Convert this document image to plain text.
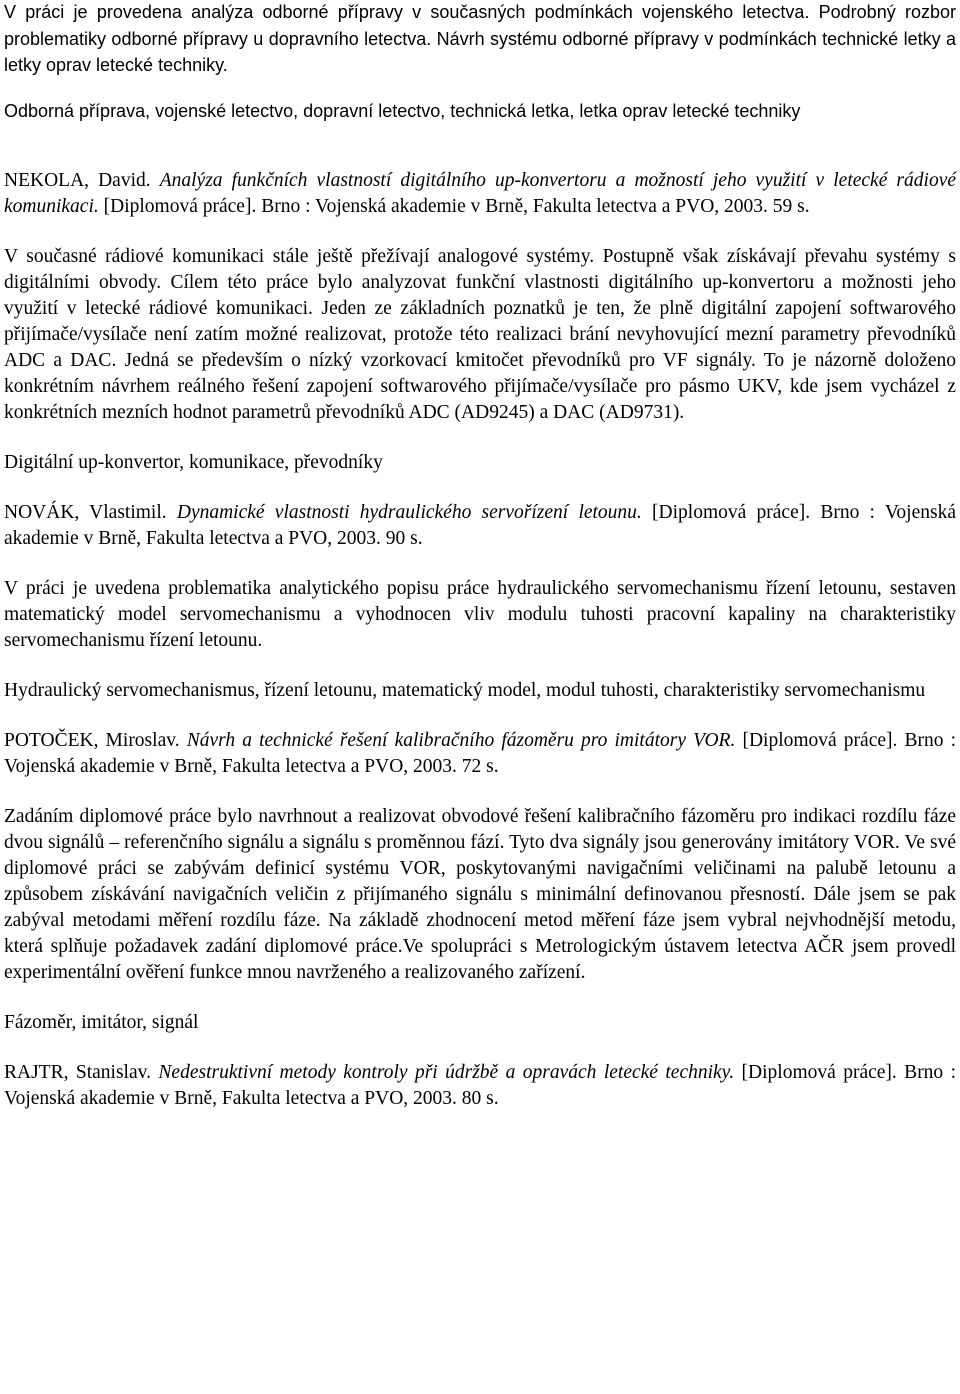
V práci je provedena analýza odborné přípravy v současných podmínkách vojenského letectva. Podrobný rozbor problematiky odborné přípravy u dopravního letectva. Návrh systému odborné přípravy v podmínkách technické letky a letky oprav letecké techniky.

Odborná příprava, vojenské letectvo, dopravní letectvo, technická letka, letka oprav letecké techniky

NEKOLA, David. Analýza funkčních vlastností digitálního up-konvertoru a možností jeho využití v letecké rádiové komunikaci. [Diplomová práce]. Brno : Vojenská akademie v Brně, Fakulta letectva a PVO, 2003. 59 s.

V současné rádiové komunikaci stále ještě přežívají analogové systémy. Postupně však získávají převahu systémy s digitálními obvody. Cílem této práce bylo analyzovat funkční vlastnosti digitálního up-konvertoru a možnosti jeho využití v letecké rádiové komunikaci. Jeden ze základních poznatků je ten, že plně digitální zapojení softwarového přijímače/vysílače není zatím možné realizovat, protože této realizaci brání nevyhovující mezní parametry převodníků ADC a DAC. Jedná se především o nízký vzorkovací kmitočet převodníků pro VF signály. To je názorně doloženo konkrétním návrhem reálného řešení zapojení softwarového přijímače/vysílače pro pásmo UKV, kde jsem vycházel z konkrétních mezních hodnot parametrů převodníků ADC (AD9245) a DAC (AD9731).

Digitální up-konvertor, komunikace, převodníky

NOVÁK, Vlastimil. Dynamické vlastnosti hydraulického servořízení letounu. [Diplomová práce]. Brno : Vojenská akademie v Brně, Fakulta letectva a PVO, 2003. 90 s.

V práci je uvedena problematika analytického popisu práce hydraulického servomechanismu řízení letounu, sestaven matematický model servomechanismu a vyhodnocen vliv modulu tuhosti pracovní kapaliny na charakteristiky servomechanismu řízení letounu.

Hydraulický servomechanismus, řízení letounu, matematický model, modul tuhosti, charakteristiky servomechanismu

POTOČEK, Miroslav. Návrh a technické řešení kalibračního fázoměru pro imitátory VOR. [Diplomová práce]. Brno : Vojenská akademie v Brně, Fakulta letectva a PVO, 2003. 72 s.

Zadáním diplomové práce bylo navrhnout a realizovat obvodové řešení kalibračního fázoměru pro indikaci rozdílu fáze dvou signálů – referenčního signálu a signálu s proměnnou fází. Tyto dva signály jsou generovány imitátory VOR. Ve své diplomové práci se zabývám definicí systému VOR, poskytovanými navigačními veličinami na palubě letounu a způsobem získávání navigačních veličin z přijímaného signálu s minimální definovanou přesností. Dále jsem se pak zabýval metodami měření rozdílu fáze. Na základě zhodnocení metod měření fáze jsem vybral nejvhodnější metodu, která splňuje požadavek zadání diplomové práce.Ve spolupráci s Metrologickým ústavem letectva AČR jsem provedl experimentální ověření funkce mnou navrženého a realizovaného zařízení.

Fázoměr, imitátor, signál

RAJTR, Stanislav. Nedestruktivní metody kontroly při údržbě a opravách letecké techniky. [Diplomová práce]. Brno : Vojenská akademie v Brně, Fakulta letectva a PVO, 2003. 80 s.
